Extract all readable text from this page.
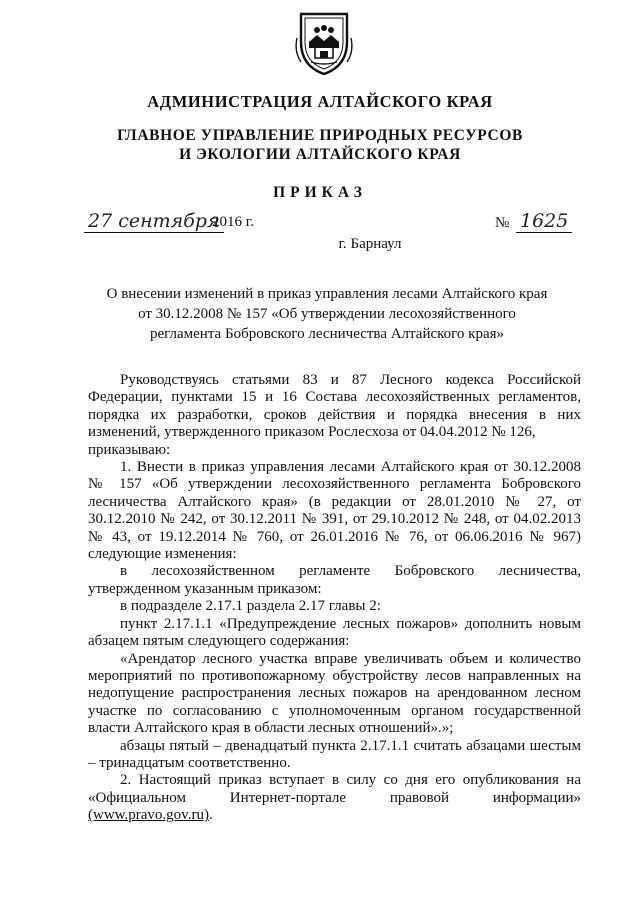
АДМИНИСТРАЦИЯ АЛТАЙСКОГО КРАЯ
ГЛАВНОЕ УПРАВЛЕНИЕ ПРИРОДНЫХ РЕСУРСОВ
И ЭКОЛОГИИ АЛТАЙСКОГО КРАЯ
ПРИКАЗ
27 сентября
2016 г.	№ 1625
г. Барнаул
О внесении изменений в приказ управления лесами Алтайского края
от 30.12.2008 № 157 «Об утверждении лесохозяйственного
регламента Бобровского лесничества Алтайского края»

Руководствуясь статьями 83 и 87 Лесного кодекса Российской Федерации, пунктами 15 и 16 Состава лесохозяйственных регламентов, порядка их разработки, сроков действия и порядка внесения в них изменений, утвержденного приказом Рослесхоза от 04.04.2012 № 126,

приказываю:

1. Внести в приказ управления лесами Алтайского края от 30.12.2008 № 157 «Об утверждении лесохозяйственного регламента Бобровского лесничества Алтайского края» (в редакции от 28.01.2010 № 27, от 30.12.2010 № 242, от 30.12.2011 № 391, от 29.10.2012 № 248, от 04.02.2013 № 43, от 19.12.2014 № 760, от 26.01.2016 № 76, от 06.06.2016 № 967) следующие изменения:

в лесохозяйственном регламенте Бобровского лесничества, утвержденном указанным приказом:

в подразделе 2.17.1 раздела 2.17 главы 2:

пункт 2.17.1.1 «Предупреждение лесных пожаров» дополнить новым абзацем пятым следующего содержания:

«Арендатор лесного участка вправе увеличивать объем и количество мероприятий по противопожарному обустройству лесов направленных на недопущение распространения лесных пожаров на арендованном лесном участке по согласованию с уполномоченным органом государственной власти Алтайского края в области лесных отношений».»;

абзацы пятый – двенадцатый пункта 2.17.1.1 считать абзацами шестым – тринадцатым соответственно.

2. Настоящий приказ вступает в силу со дня его опубликования на «Официальном Интернет-портале правовой информации» (www.pravo.gov.ru).
